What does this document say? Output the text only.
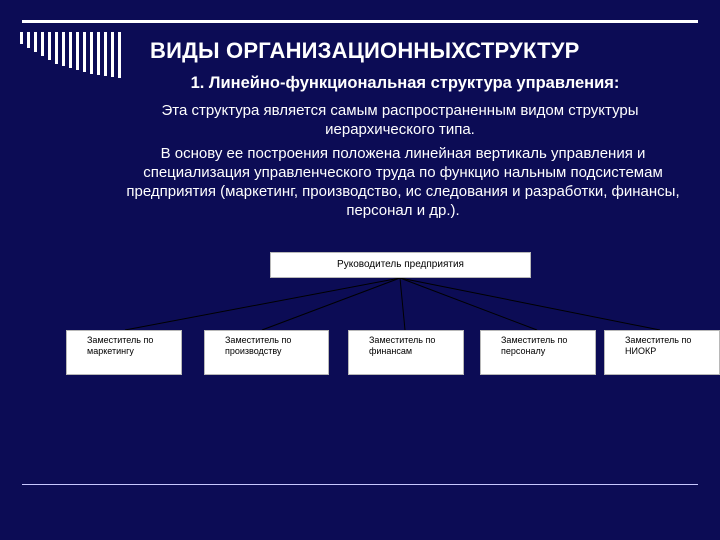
ВИДЫ ОРГАНИЗАЦИОННЫХСТРУКТУР
1. Линейно-функциональная структура управления:
Эта структура является самым распространенным видом структуры иерархического типа.
В основу ее построения положена линейная вертикаль управления и специализация управленческого труда по функцио нальным подсистемам предприятия (маркетинг, производство, ис следования и разработки, финансы, персонал и др.).
Руководитель предприятия
Заместитель по маркетингу
Заместитель по производству
Заместитель по финансам
Заместитель по персоналу
Заместитель по НИОКР
